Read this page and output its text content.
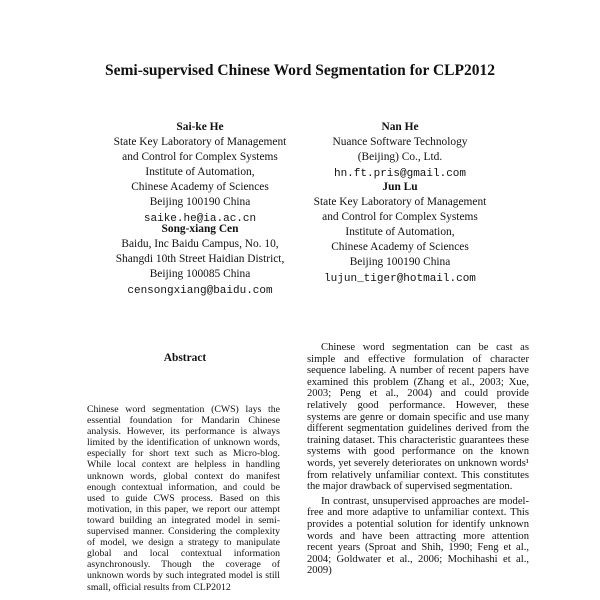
Semi-supervised Chinese Word Segmentation for CLP2012
Sai-ke He
State Key Laboratory of Management
and Control for Complex Systems
Institute of Automation,
Chinese Academy of Sciences
Beijing 100190 China
saike.he@ia.ac.cn
Song-xiang Cen
Baidu, Inc Baidu Campus, No. 10,
Shangdi 10th Street Haidian District,
Beijing 100085 China
censongxiang@baidu.com
Nan He
Nuance Software Technology
(Beijing) Co., Ltd.
hn.ft.pris@gmail.com
Jun Lu
State Key Laboratory of Management
and Control for Complex Systems
Institute of Automation,
Chinese Academy of Sciences
Beijing 100190 China
lujun_tiger@hotmail.com
Abstract
Chinese word segmentation (CWS) lays the essential foundation for Mandarin Chinese analysis. However, its performance is always limited by the identification of unknown words, especially for short text such as Micro-blog. While local context are helpless in handling unknown words, global context do manifest enough contextual information, and could be used to guide CWS process. Based on this motivation, in this paper, we report our attempt toward building an integrated model in semi-supervised manner. Considering the complexity of model, we design a strategy to manipulate global and local contextual information asynchronously. Though the coverage of unknown words by such integrated model is still small, official results from CLP2012

Chinese word segmentation can be cast as simple and effective formulation of character sequence labeling. A number of recent papers have examined this problem (Zhang et al., 2003; Xue, 2003; Peng et al., 2004) and could provide relatively good performance. However, these systems are genre or domain specific and use many different segmentation guidelines derived from the training dataset. This characteristic guarantees these systems with good performance on the known words, yet severely deteriorates on unknown words¹ from relatively unfamiliar context. This constitutes the major drawback of supervised segmentation.

In contrast, unsupervised approaches are model-free and more adaptive to unfamiliar context. This provides a potential solution for identify unknown words and have been attracting more attention recent years (Sproat and Shih, 1990; Feng et al., 2004; Goldwater et al., 2006; Mochihashi et al., 2009)
